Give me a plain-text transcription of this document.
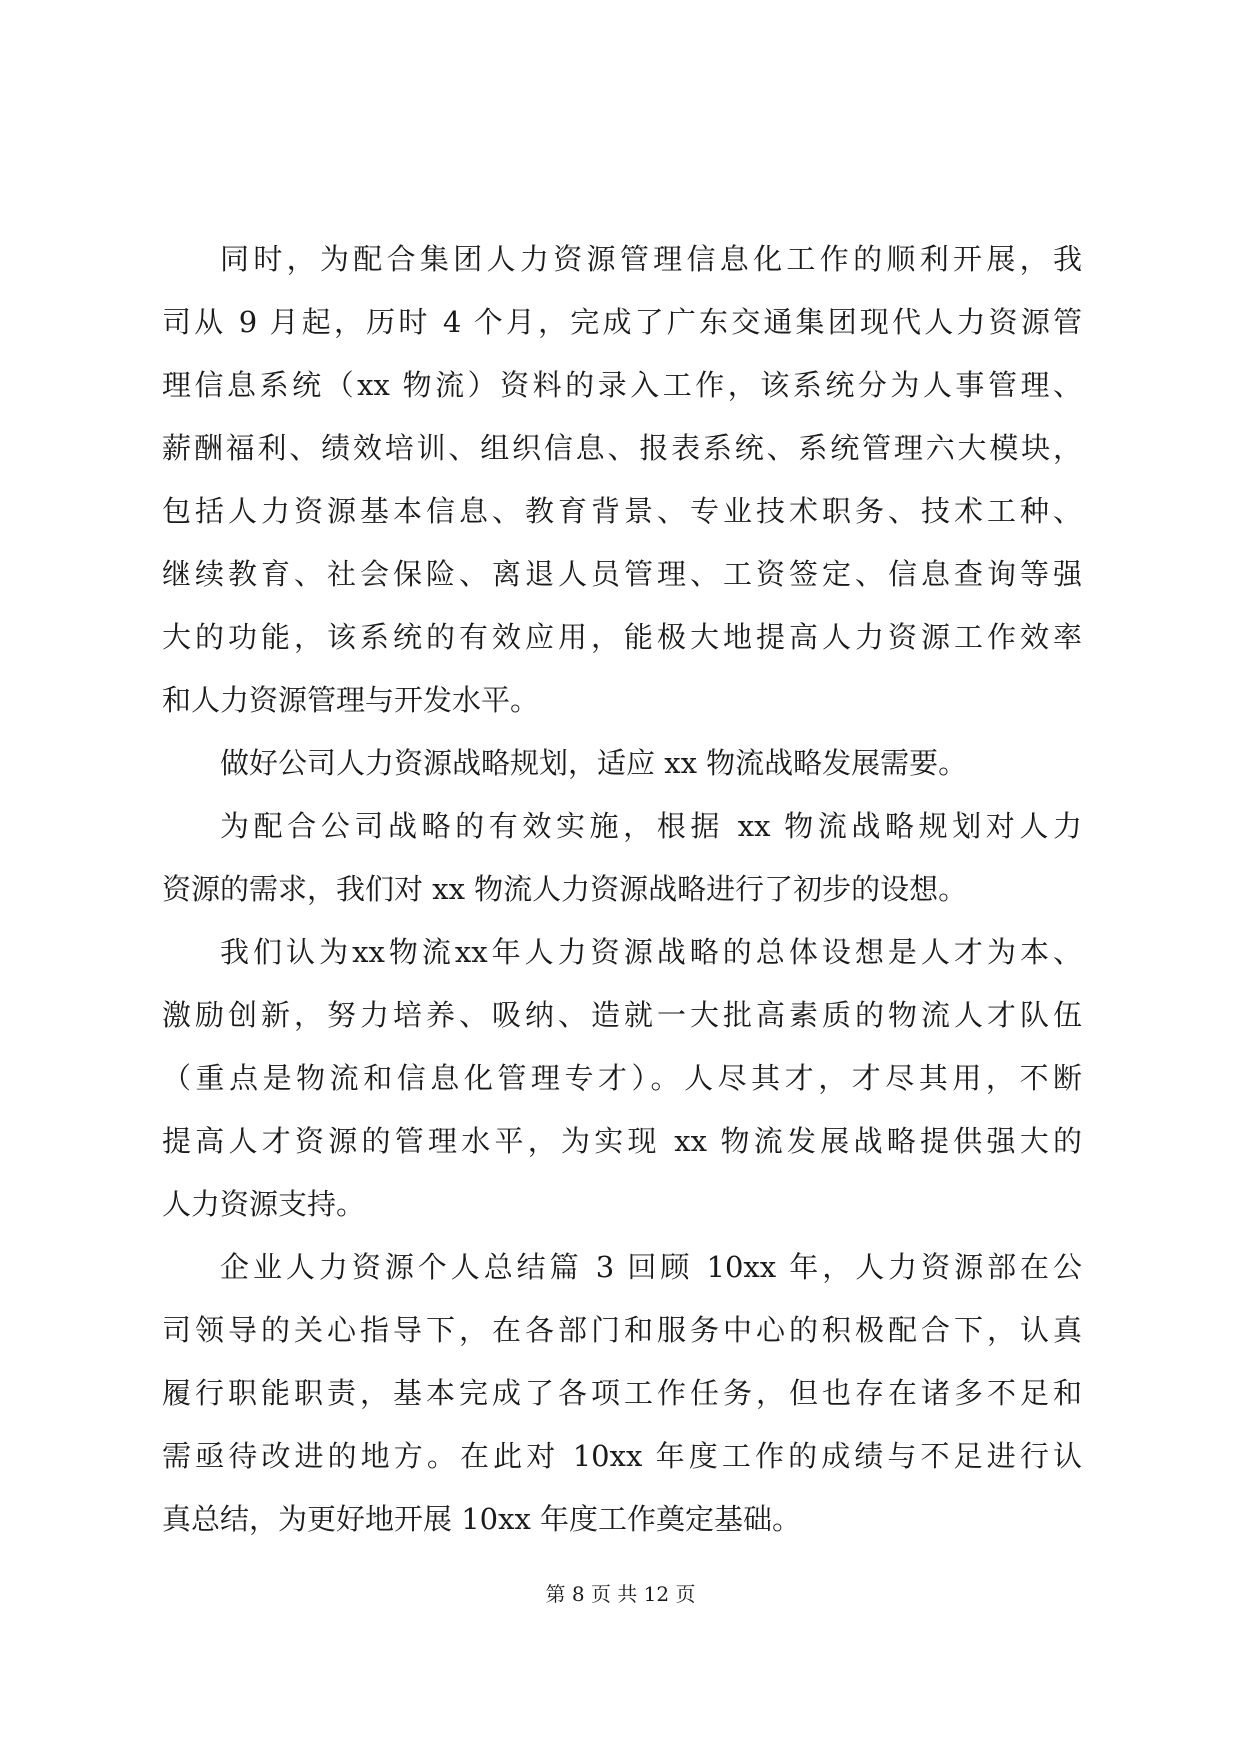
同时，为配合集团人力资源管理信息化工作的顺利开展，我
司从 9 月起，历时 4 个月，完成了广东交通集团现代人力资源管
理信息系统（xx 物流）资料的录入工作，该系统分为人事管理、
薪酬福利、绩效培训、组织信息、报表系统、系统管理六大模块，
包括人力资源基本信息、教育背景、专业技术职务、技术工种、
继续教育、社会保险、离退人员管理、工资签定、信息查询等强
大的功能，该系统的有效应用，能极大地提高人力资源工作效率
和人力资源管理与开发水平。
做好公司人力资源战略规划，适应 xx 物流战略发展需要。
为配合公司战略的有效实施，根据 xx 物流战略规划对人力
资源的需求，我们对 xx 物流人力资源战略进行了初步的设想。
我们认为xx物流xx年人力资源战略的总体设想是人才为本、
激励创新，努力培养、吸纳、造就一大批高素质的物流人才队伍
（重点是物流和信息化管理专才）。人尽其才，才尽其用，不断
提高人才资源的管理水平，为实现 xx 物流发展战略提供强大的
人力资源支持。
企业人力资源个人总结篇 3 回顾 10xx 年，人力资源部在公
司领导的关心指导下，在各部门和服务中心的积极配合下，认真
履行职能职责，基本完成了各项工作任务，但也存在诸多不足和
需亟待改进的地方。在此对 10xx 年度工作的成绩与不足进行认
真总结，为更好地开展 10xx 年度工作奠定基础。
第 8 页 共 12 页
